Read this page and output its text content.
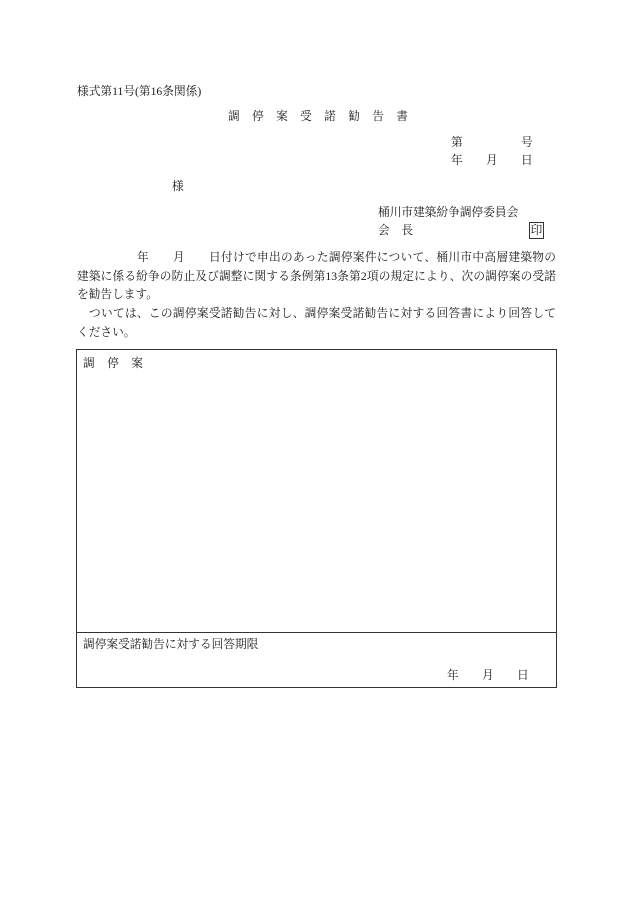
様式第11号(第16条関係)
調 停 案 受 諾 勧 告 書
第	号
年 月 日
様
桶川市建築紛争調停委員会
会　長	印
年 月 日付けで申出のあった調停案件について、桶川市中高層建築物の
建築に係る紛争の防止及び調整に関する条例第13条第2項の規定により、次の調停案の受諾
を勧告します。
ついては、この調停案受諾勧告に対し、調停案受諾勧告に対する回答書により回答して
ください。
調 停 案
調停案受諾勧告に対する回答期限
年 月 日
